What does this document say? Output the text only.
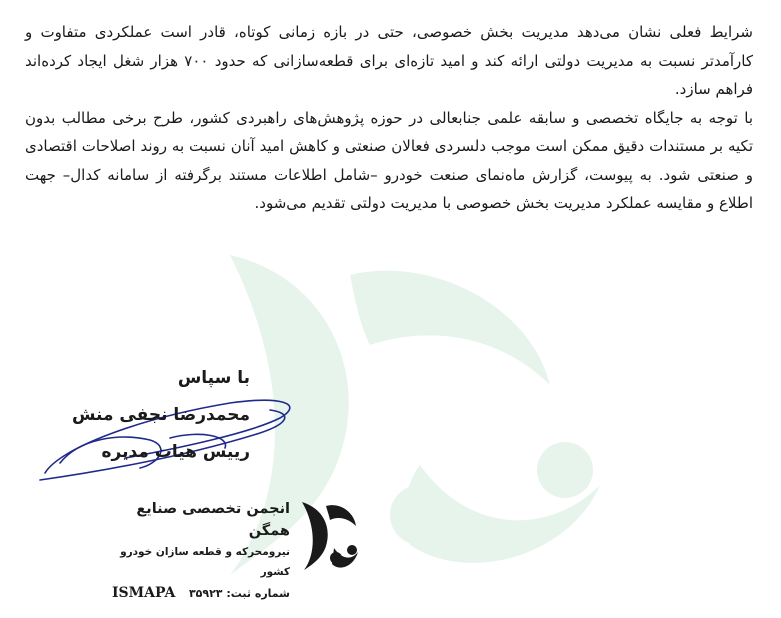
شرایط فعلی نشان می‌دهد مدیریت بخش خصوصی، حتی در بازه زمانی کوتاه، قادر است عملکردی متفاوت و کارآمدتر نسبت به مدیریت دولتی ارائه کند و امید تازه‌ای برای قطعه‌سازانی که حدود ۷۰۰ هزار شغل ایجاد کرده‌اند فراهم سازد.

با توجه به جایگاه تخصصی و سابقه علمی جنابعالی در حوزه پژوهش‌های راهبردی کشور، طرح برخی مطالب بدون تکیه بر مستندات دقیق ممکن است موجب دلسردی فعالان صنعتی و کاهش امید آنان نسبت به روند اصلاحات اقتصادی و صنعتی شود. به پیوست، گزارش ماه‌نمای صنعت خودرو –شامل اطلاعات مستند برگرفته از سامانه کدال– جهت اطلاع و مقایسه عملکرد مدیریت بخش خصوصی با مدیریت دولتی تقدیم می‌شود.

با سپاس
محمدرضا نجفی منش
رییس هیات مدیره
انجمن تخصصی صنایع همگن
نیرومحرکه و قطعه سازان خودرو کشور
ISMAPA شماره ثبت: ۳۵۹۲۳
